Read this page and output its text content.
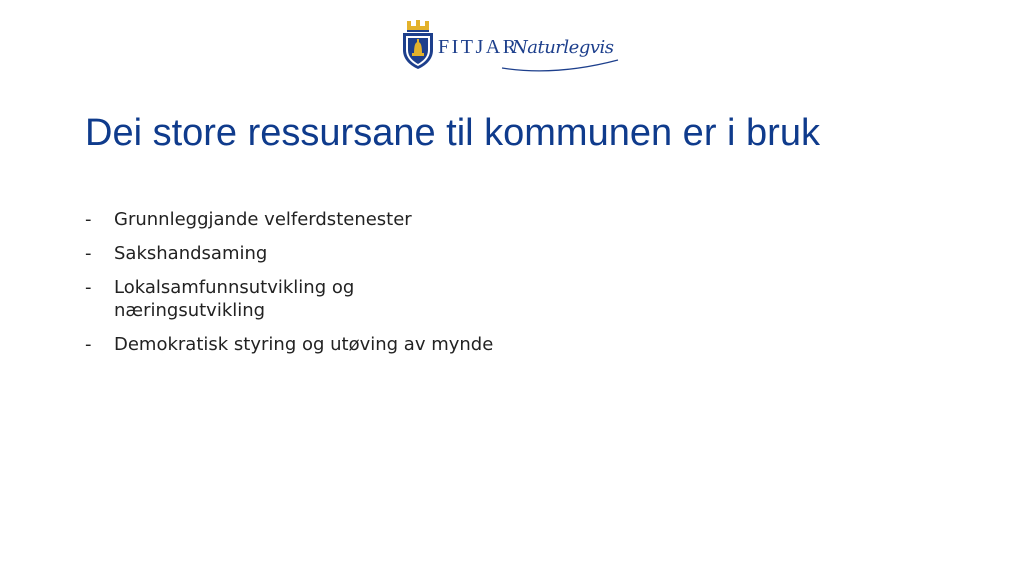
FITJAR
Naturlegvis
Dei store ressursane til kommunen er i bruk
-	Grunnleggjande velferdstenester
-	Sakshandsaming
-	Lokalsamfunnsutvikling og næringsutvikling
-	Demokratisk styring og utøving av mynde
